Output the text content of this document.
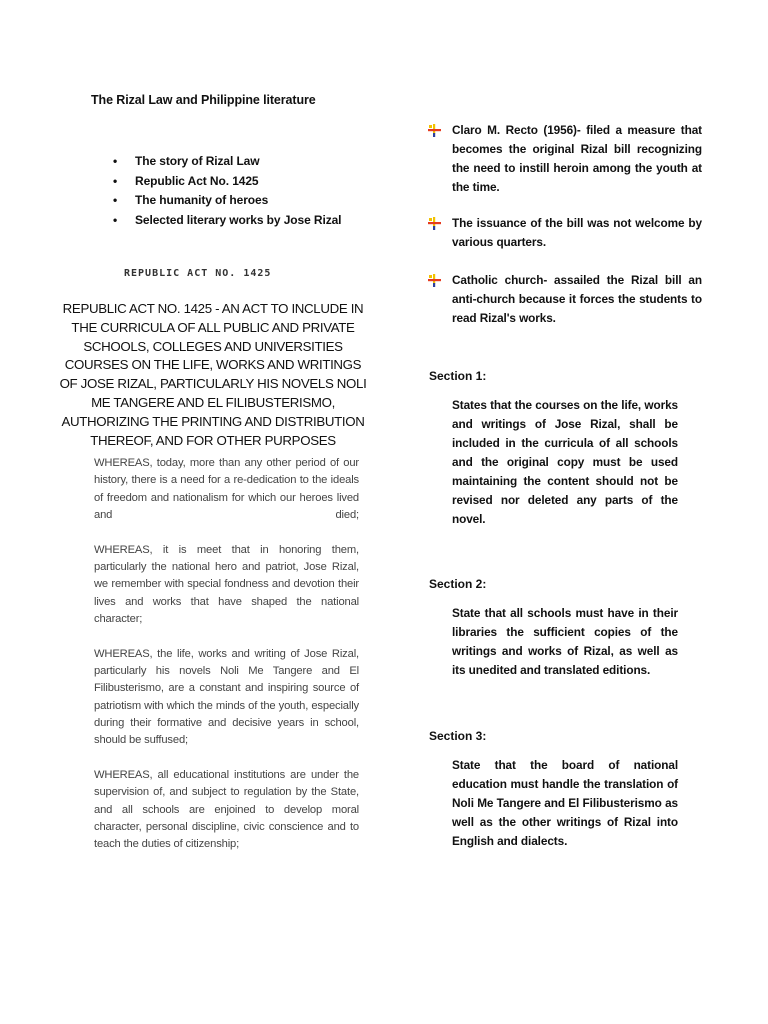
The Rizal Law and Philippine literature
• The story of Rizal Law
• Republic Act No. 1425
• The humanity of heroes
• Selected literary works by Jose Rizal
REPUBLIC ACT NO. 1425
REPUBLIC ACT NO. 1425 - AN ACT TO INCLUDE IN THE CURRICULA OF ALL PUBLIC AND PRIVATE SCHOOLS, COLLEGES AND UNIVERSITIES COURSES ON THE LIFE, WORKS AND WRITINGS OF JOSE RIZAL, PARTICULARLY HIS NOVELS NOLI ME TANGERE AND EL FILIBUSTERISMO, AUTHORIZING THE PRINTING AND DISTRIBUTION THEREOF, AND FOR OTHER PURPOSES

WHEREAS, today, more than any other period of our history, there is a need for a re-dedication to the ideals of freedom and nationalism for which our heroes lived and died;

WHEREAS, it is meet that in honoring them, particularly the national hero and patriot, Jose Rizal, we remember with special fondness and devotion their lives and works that have shaped the national character;

WHEREAS, the life, works and writing of Jose Rizal, particularly his novels Noli Me Tangere and El Filibusterismo, are a constant and inspiring source of patriotism with which the minds of the youth, especially during their formative and decisive years in school, should be suffused;

WHEREAS, all educational institutions are under the supervision of, and subject to regulation by the State, and all schools are enjoined to develop moral character, personal discipline, civic conscience and to teach the duties of citizenship;

Claro M. Recto (1956)- filed a measure that becomes the original Rizal bill recognizing the need to instill heroin among the youth at the time.
The issuance of the bill was not welcome by various quarters.
Catholic church- assailed the Rizal bill an anti-church because it forces the students to read Rizal's works.
Section 1:
States that the courses on the life, works and writings of Jose Rizal, shall be included in the curricula of all schools and the original copy must be used maintaining the content should not be revised nor deleted any parts of the novel.
Section 2:
State that all schools must have in their libraries the sufficient copies of the writings and works of Rizal, as well as its unedited and translated editions.
Section 3:
State that the board of national education must handle the translation of Noli Me Tangere and El Filibusterismo as well as the other writings of Rizal into English and dialects.
